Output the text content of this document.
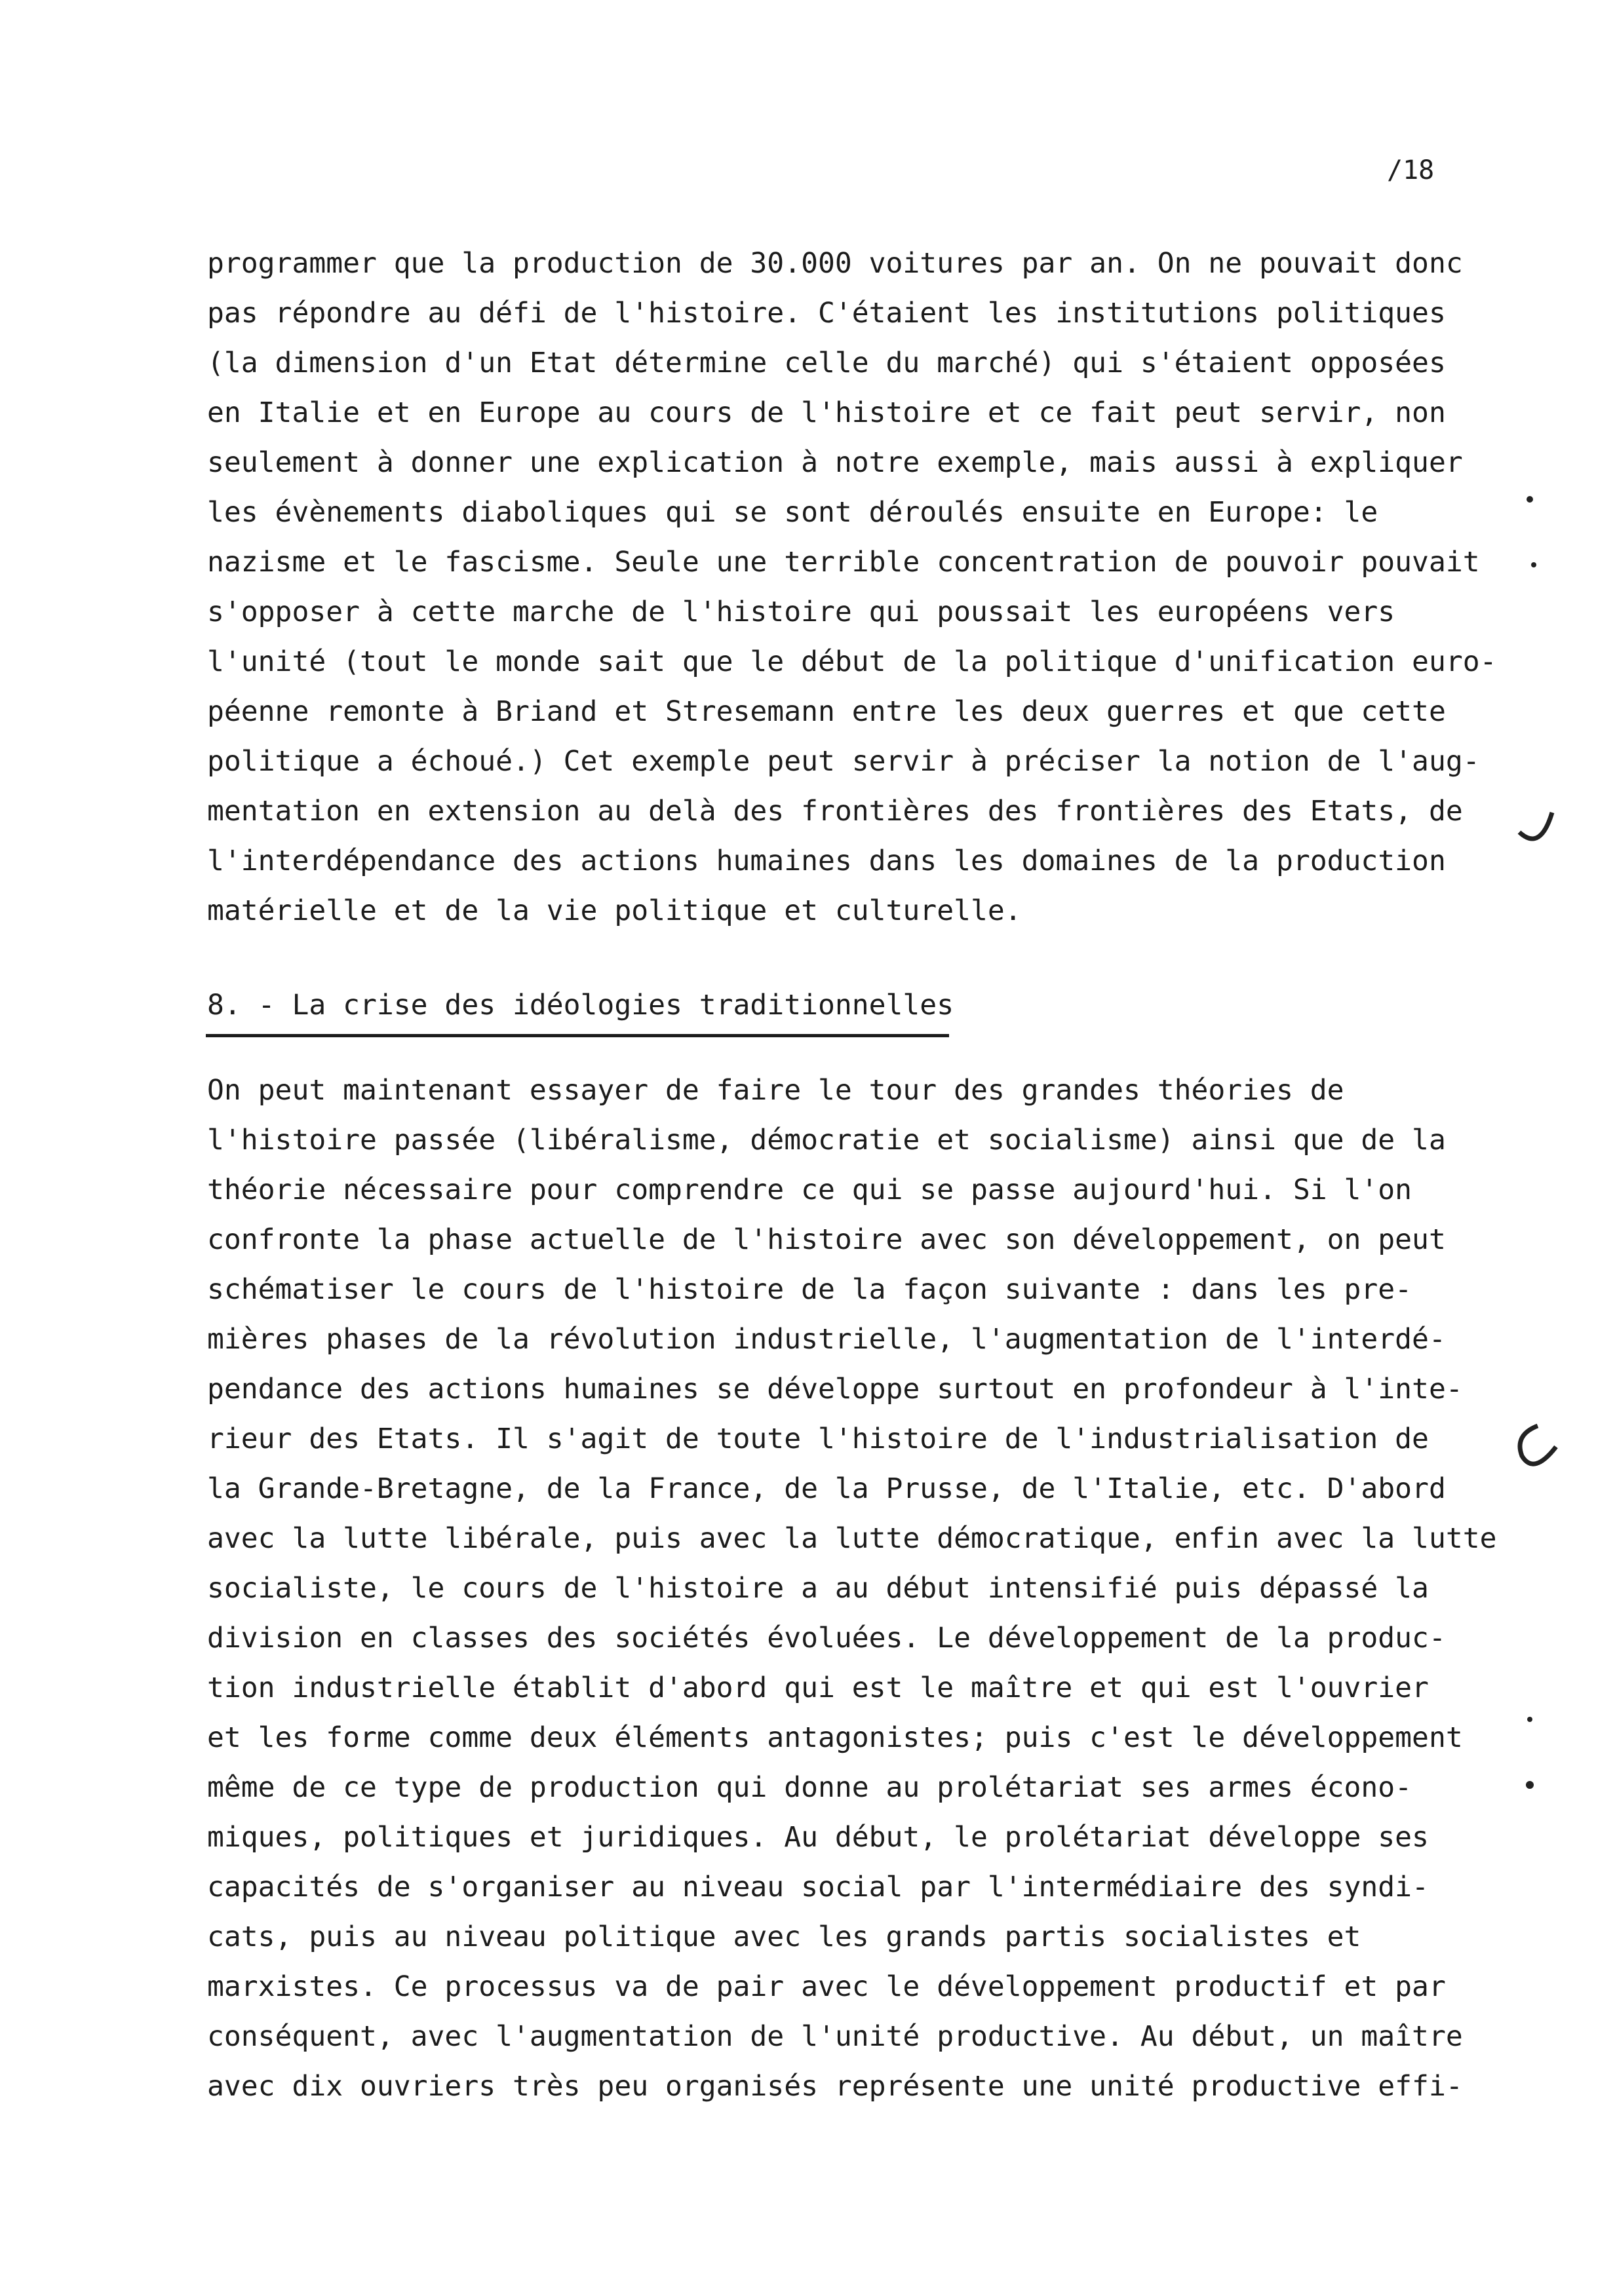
/18
programmer que la production de 30.000 voitures par an. On ne pouvait donc
pas répondre au défi de l'histoire. C'étaient les institutions politiques
(la dimension d'un Etat détermine celle du marché) qui s'étaient opposées
en Italie et en Europe au cours de l'histoire et ce fait peut servir, non
seulement à donner une explication à notre exemple, mais aussi à expliquer
les évènements diaboliques qui se sont déroulés ensuite en Europe: le
nazisme et le fascisme. Seule une terrible concentration de pouvoir pouvait
s'opposer à cette marche de l'histoire qui poussait les européens vers
l'unité (tout le monde sait que le début de la politique d'unification euro-
péenne remonte à Briand et Stresemann entre les deux guerres et que cette
politique a échoué.) Cet exemple peut servir à préciser la notion de l'aug-
mentation en extension au delà des frontières des frontières des Etats, de
l'interdépendance des actions humaines dans les domaines de la production
matérielle et de la vie politique et culturelle.
8. - La crise des idéologies traditionnelles
On peut maintenant essayer de faire le tour des grandes théories de
l'histoire passée (libéralisme, démocratie et socialisme) ainsi que de la
théorie nécessaire pour comprendre ce qui se passe aujourd'hui. Si l'on
confronte la phase actuelle de l'histoire avec son développement, on peut
schématiser le cours de l'histoire de la façon suivante : dans les pre-
mières phases de la révolution industrielle, l'augmentation de l'interdé-
pendance des actions humaines se développe surtout en profondeur à l'inte-
rieur des Etats. Il s'agit de toute l'histoire de l'industrialisation de
la Grande-Bretagne, de la France, de la Prusse, de l'Italie, etc. D'abord
avec la lutte libérale, puis avec la lutte démocratique, enfin avec la lutte
socialiste, le cours de l'histoire a au début intensifié puis dépassé la
division en classes des sociétés évoluées. Le développement de la produc-
tion industrielle établit d'abord qui est le maître et qui est l'ouvrier
et les forme comme deux éléments antagonistes; puis c'est le développement
même de ce type de production qui donne au prolétariat ses armes écono-
miques, politiques et juridiques. Au début, le prolétariat développe ses
capacités de s'organiser au niveau social par l'intermédiaire des syndi-
cats, puis au niveau politique avec les grands partis socialistes et
marxistes. Ce processus va de pair avec le développement productif et par
conséquent, avec l'augmentation de l'unité productive. Au début, un maître
avec dix ouvriers très peu organisés représente une unité productive effi-
